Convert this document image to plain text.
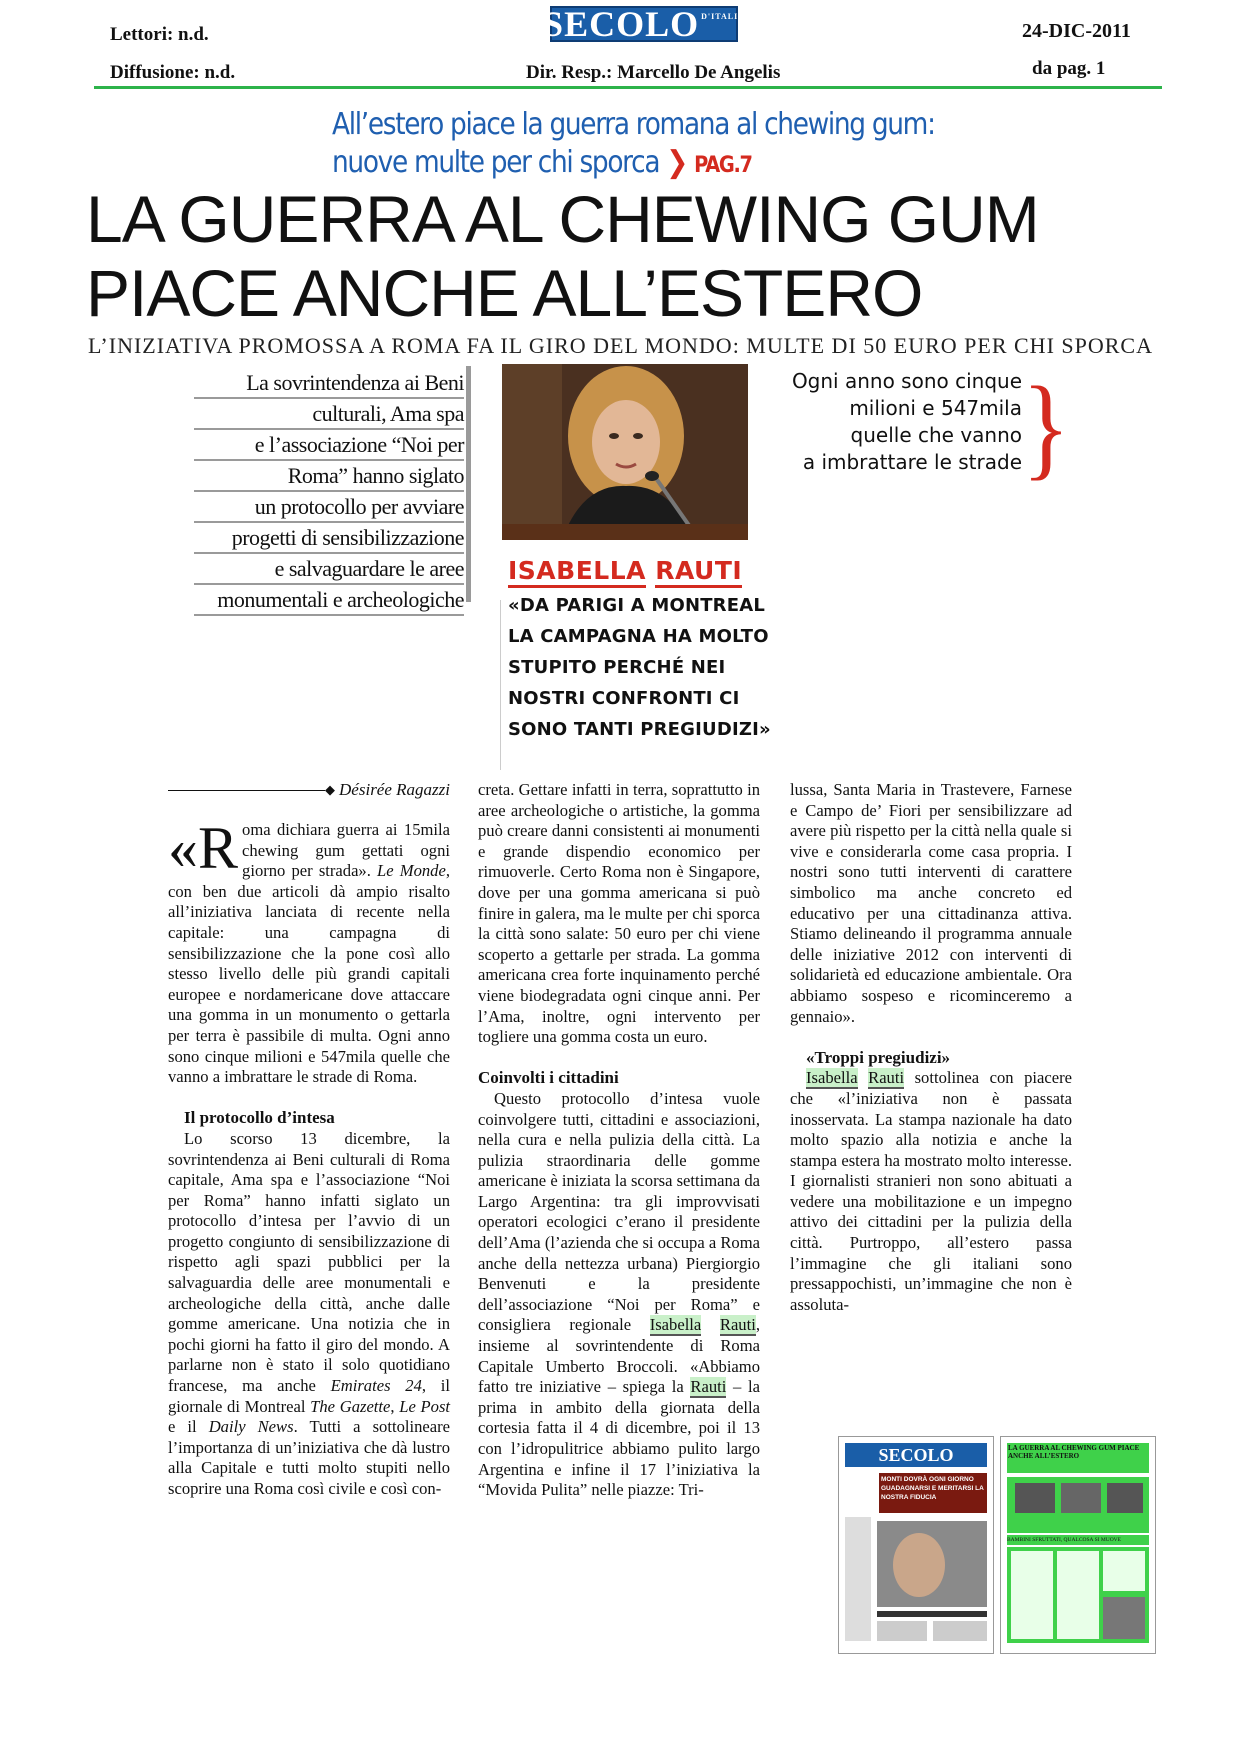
Lettori: n.d.
Diffusione: n.d.
SECOLO D'ITALIA
24-DIC-2011
Dir. Resp.: Marcello De Angelis	da pag. 1
All’estero piace la guerra romana al chewing gum:
nuove multe per chi sporca ❯ PAG.7
LA GUERRA AL CHEWING GUM
PIACE ANCHE ALL’ESTERO
L’INIZIATIVA PROMOSSA A ROMA FA IL GIRO DEL MONDO: MULTE DI 50 EURO PER CHI SPORCA
La sovrintendenza ai Beni
culturali, Ama spa
e l’associazione “Noi per
Roma” hanno siglato
un protocollo per avviare
progetti di sensibilizzazione
e salvaguardare le aree
monumentali e archeologiche
Ogni anno sono cinque
milioni e 547mila
quelle che vanno
a imbrattare le strade }
ISABELLA RAUTI
«DA PARIGI A MONTREAL
LA CAMPAGNA HA MOLTO
STUPITO PERCHÉ NEI
NOSTRI CONFRONTI CI
SONO TANTI PREGIUDIZI»
◆ Désirée Ragazzi

«Roma dichiara guerra ai 15mila chewing gum gettati ogni giorno per strada». Le Monde, con ben due articoli dà ampio risalto all’iniziativa lanciata di recente nella capitale: una campagna di sensibilizzazione che la pone così allo stesso livello delle più grandi capitali europee e nordamericane dove attaccare una gomma in un monumento o gettarla per terra è passibile di multa. Ogni anno sono cinque milioni e 547mila quelle che vanno a imbrattare le strade di Roma.

Il protocollo d’intesa

Lo scorso 13 dicembre, la sovrintendenza ai Beni culturali di Roma capitale, Ama spa e l’associazione “Noi per Roma” hanno infatti siglato un protocollo d’intesa per l’avvio di un progetto congiunto di sensibilizzazione di rispetto agli spazi pubblici per la salvaguardia delle aree monumentali e archeologiche della città, anche dalle gomme americane. Una notizia che in pochi giorni ha fatto il giro del mondo. A parlarne non è stato il solo quotidiano francese, ma anche Emirates 24, il giornale di Montreal The Gazette, Le Post e il Daily News. Tutti a sottolineare l’importanza di un’iniziativa che dà lustro alla Capitale e tutti molto stupiti nello scoprire una Roma così civile e così con-

creta. Gettare infatti in terra, soprattutto in aree archeologiche o artistiche, la gomma può creare danni consistenti ai monumenti e grande dispendio economico per rimuoverle. Certo Roma non è Singapore, dove per una gomma americana si può finire in galera, ma le multe per chi sporca la città sono salate: 50 euro per chi viene scoperto a gettarle per strada. La gomma americana crea forte inquinamento perché viene biodegradata ogni cinque anni. Per l’Ama, inoltre, ogni intervento per togliere una gomma costa un euro.

Coinvolti i cittadini

Questo protocollo d’intesa vuole coinvolgere tutti, cittadini e associazioni, nella cura e nella pulizia della città. La pulizia straordinaria delle gomme americane è iniziata la scorsa settimana da Largo Argentina: tra gli improvvisati operatori ecologici c’erano il presidente dell’Ama (l’azienda che si occupa a Roma anche della nettezza urbana) Piergiorgio Benvenuti e la presidente dell’associazione “Noi per Roma” e consigliera regionale Isabella Rauti, insieme al sovrintendente di Roma Capitale Umberto Broccoli. «Abbiamo fatto tre iniziative – spiega la Rauti – la prima in ambito della giornata della cortesia fatta il 4 di dicembre, poi il 13 con l’idropulitrice abbiamo pulito largo Argentina e infine il 17 l’iniziativa la “Movida Pulita” nelle piazze: Tri-

lussa, Santa Maria in Trastevere, Farnese e Campo de’ Fiori per sensibilizzare ad avere più rispetto per la città nella quale si vive e considerarla come casa propria. I nostri sono tutti interventi di carattere simbolico ma anche concreto ed educativo per una cittadinanza attiva. Stiamo delineando il programma annuale delle iniziative 2012 con interventi di solidarietà ed educazione ambientale. Ora abbiamo sospeso e ricominceremo a gennaio».

«Troppi pregiudizi»

Isabella Rauti sottolinea con piacere che «l’iniziativa non è passata inosservata. La stampa nazionale ha dato molto spazio alla notizia e anche la stampa estera ha mostrato molto interesse. I giornalisti stranieri non sono abituati a vedere una mobilitazione e un impegno attivo dei cittadini per la pulizia della città. Purtroppo, all’estero passa l’immagine che gli italiani sono pressappochisti, un’immagine che non è assoluta-

SECOLO
MONTI DOVRÀ OGNI GIORNO GUADAGNARSI E MERITARSI LA NOSTRA FIDUCIA
LA GUERRA AL CHEWING GUM PIACE ANCHE ALL’ESTERO
BAMBINI SFRUTTATI, QUALCOSA SI MUOVE
